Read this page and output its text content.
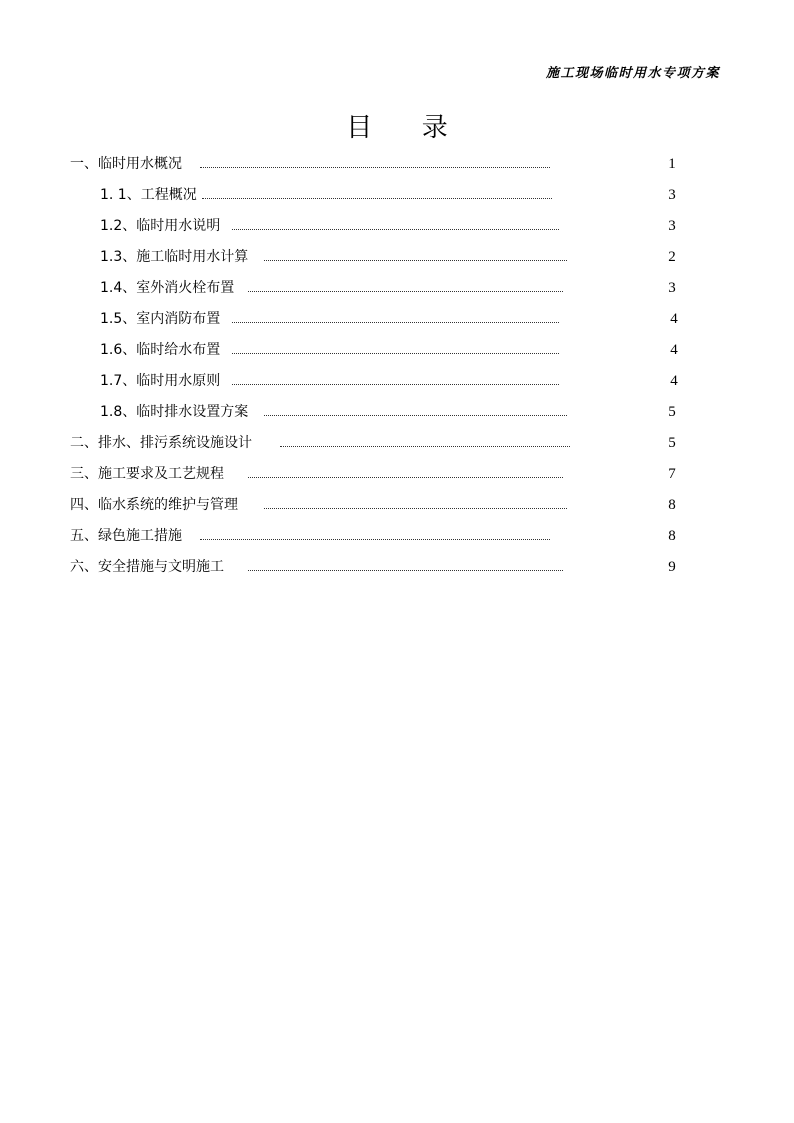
施工现场临时用水专项方案
目      录
一、临时用水概况	1
1. 1、工程概况	3
1.2、临时用水说明	3
1.3、施工临时用水计算	2
1.4、室外消火栓布置	3
1.5、室内消防布置	4
1.6、临时给水布置	4
1.7、临时用水原则	4
1.8、临时排水设置方案	5
二、排水、排污系统设施设计	5
三、施工要求及工艺规程	7
四、临水系统的维护与管理	8
五、绿色施工措施	8
六、安全措施与文明施工	9
